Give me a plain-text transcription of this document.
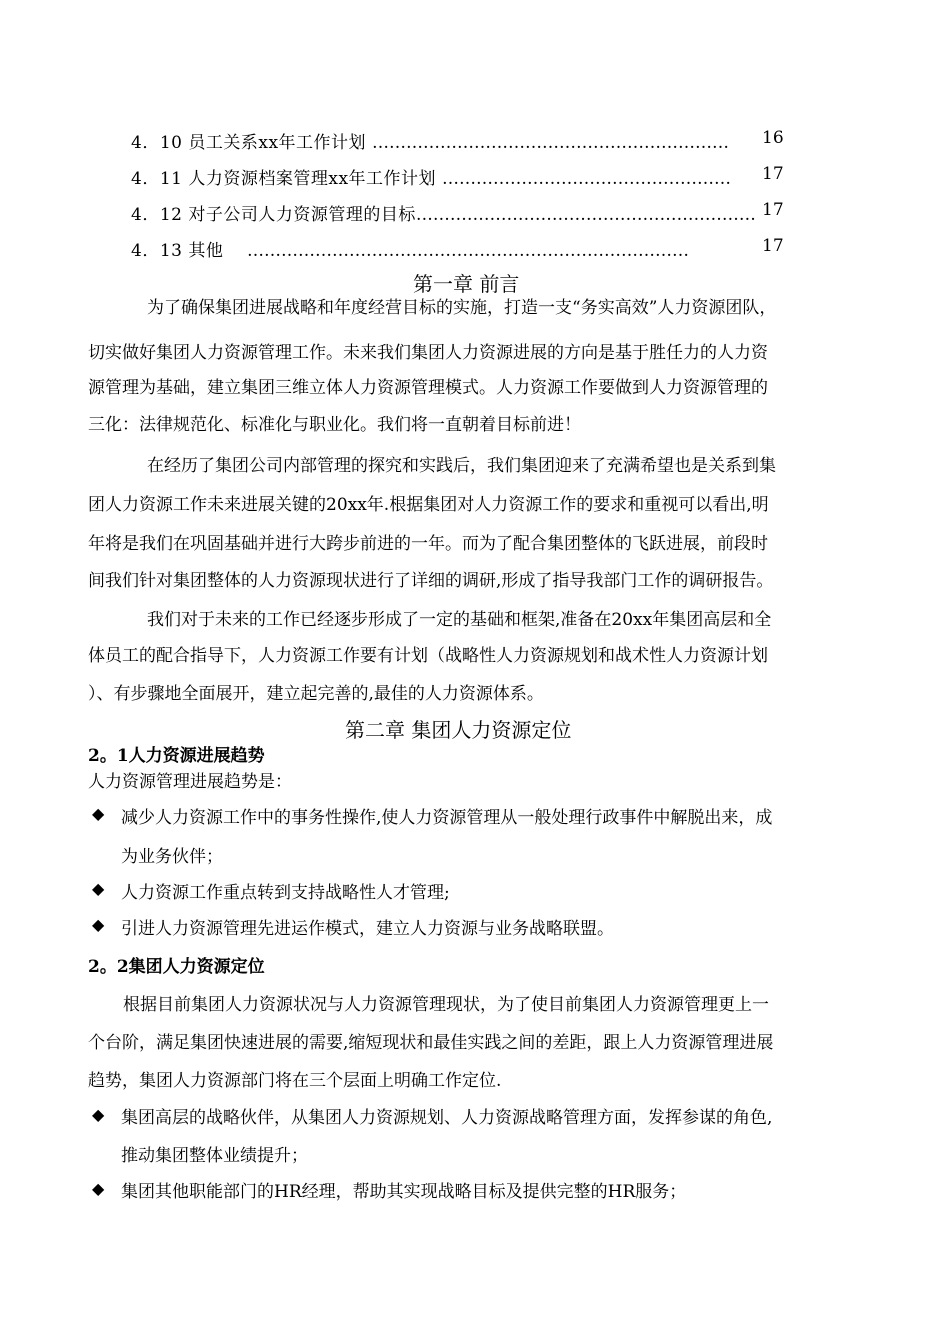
4．10 员工关系xx年工作计划 ……………………………………………………… 16
4．11 人力资源档案管理xx年工作计划 …………………………………………… 17
4．12 对子公司人力资源管理的目标…………………………………………………… 17
4．13 其他 ……………………………………………………………………	17
第一章 前言
为了确保集团进展战略和年度经营目标的实施，打造一支“务实高效”人力资源团队，
切实做好集团人力资源管理工作。未来我们集团人力资源进展的方向是基于胜任力的人力资
源管理为基础，建立集团三维立体人力资源管理模式。人力资源工作要做到人力资源管理的
三化：法律规范化、标准化与职业化。我们将一直朝着目标前进！
在经历了集团公司内部管理的探究和实践后，我们集团迎来了充满希望也是关系到集
团人力资源工作未来进展关键的20xx年.根据集团对人力资源工作的要求和重视可以看出,明
年将是我们在巩固基础并进行大跨步前进的一年。而为了配合集团整体的飞跃进展，前段时
间我们针对集团整体的人力资源现状进行了详细的调研,形成了指导我部门工作的调研报告。
我们对于未来的工作已经逐步形成了一定的基础和框架,准备在20xx年集团高层和全
体员工的配合指导下，人力资源工作要有计划（战略性人力资源规划和战术性人力资源计划
）、有步骤地全面展开，建立起完善的,最佳的人力资源体系。
第二章 集团人力资源定位
2。1人力资源进展趋势
人力资源管理进展趋势是：
◆ 减少人力资源工作中的事务性操作,使人力资源管理从一般处理行政事件中解脱出来，成
为业务伙伴；
◆ 人力资源工作重点转到支持战略性人才管理;
◆ 引进人力资源管理先进运作模式，建立人力资源与业务战略联盟。
2。2集团人力资源定位
根据目前集团人力资源状况与人力资源管理现状，为了使目前集团人力资源管理更上一
个台阶，满足集团快速进展的需要,缩短现状和最佳实践之间的差距，跟上人力资源管理进展
趋势，集团人力资源部门将在三个层面上明确工作定位.
◆ 集团高层的战略伙伴，从集团人力资源规划、人力资源战略管理方面，发挥参谋的角色,
推动集团整体业绩提升；
◆ 集团其他职能部门的HR经理，帮助其实现战略目标及提供完整的HR服务；
